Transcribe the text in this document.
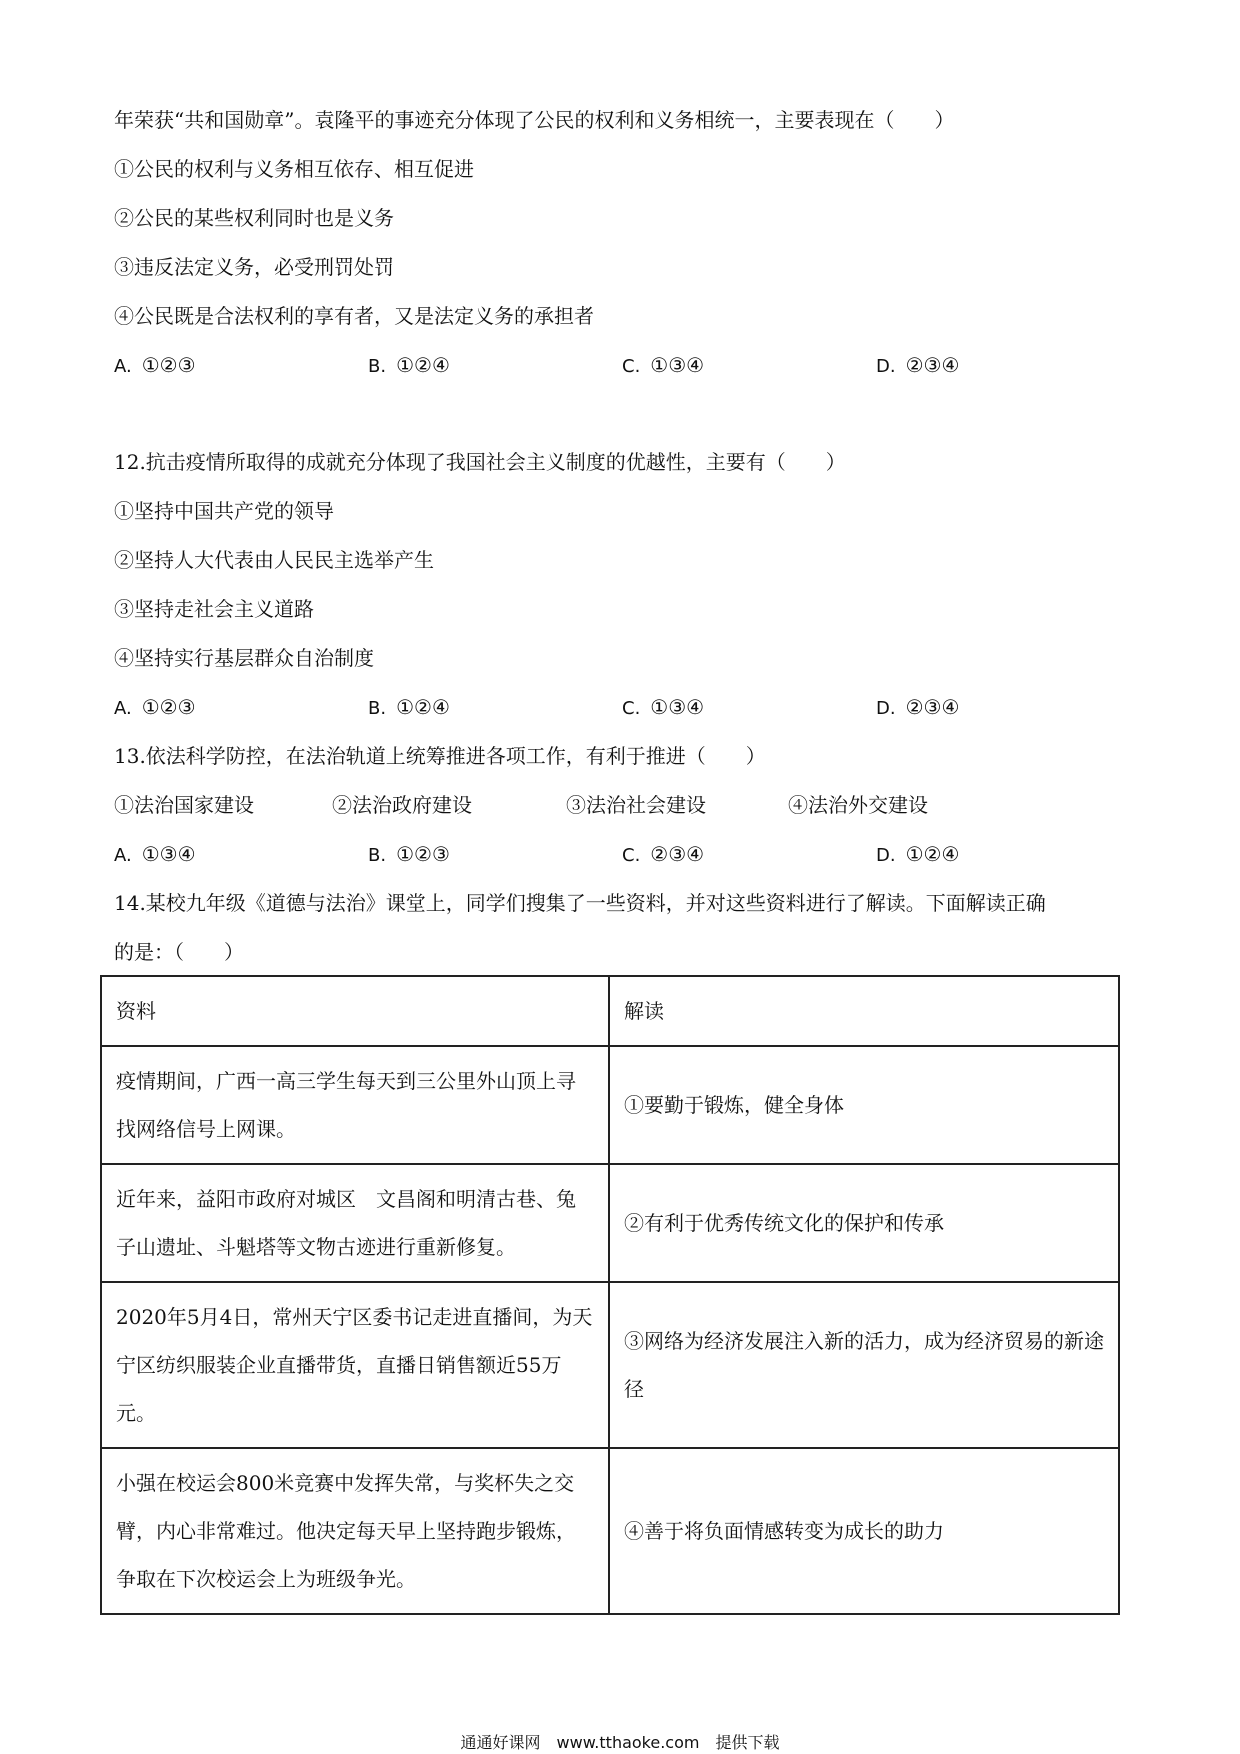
年荣获“共和国勋章”。袁隆平的事迹充分体现了公民的权利和义务相统一，主要表现在（　　）
①公民的权利与义务相互依存、相互促进
②公民的某些权利同时也是义务
③违反法定义务，必受刑罚处罚
④公民既是合法权利的享有者，又是法定义务的承担者
A. ①②③	B. ①②④	C. ①③④	D. ②③④
12.抗击疫情所取得的成就充分体现了我国社会主义制度的优越性，主要有（　　）
①坚持中国共产党的领导
②坚持人大代表由人民民主选举产生
③坚持走社会主义道路
④坚持实行基层群众自治制度
A. ①②③	B. ①②④	C. ①③④	D. ②③④
13.依法科学防控，在法治轨道上统筹推进各项工作，有利于推进（　　）
①法治国家建设	②法治政府建设	③法治社会建设	④法治外交建设
A. ①③④	B. ①②③	C. ②③④	D. ①②④
14.某校九年级《道德与法治》课堂上，同学们搜集了一些资料，并对这些资料进行了解读。下面解读正确
的是：（　　）
资料	解读
疫情期间，广西一高三学生每天到三公里外山顶上寻找网络信号上网课。	①要勤于锻炼，健全身体
近年来，益阳市政府对城区　文昌阁和明清古巷、兔子山遗址、斗魁塔等文物古迹进行重新修复。	②有利于优秀传统文化的保护和传承
2020年5月4日，常州天宁区委书记走进直播间，为天宁区纺织服装企业直播带货，直播日销售额近55万元。	③网络为经济发展注入新的活力，成为经济贸易的新途径
小强在校运会800米竞赛中发挥失常，与奖杯失之交臂，内心非常难过。他决定每天早上坚持跑步锻炼，争取在下次校运会上为班级争光。	④善于将负面情感转变为成长的助力
通通好课网　www.tthaoke.com　提供下载
